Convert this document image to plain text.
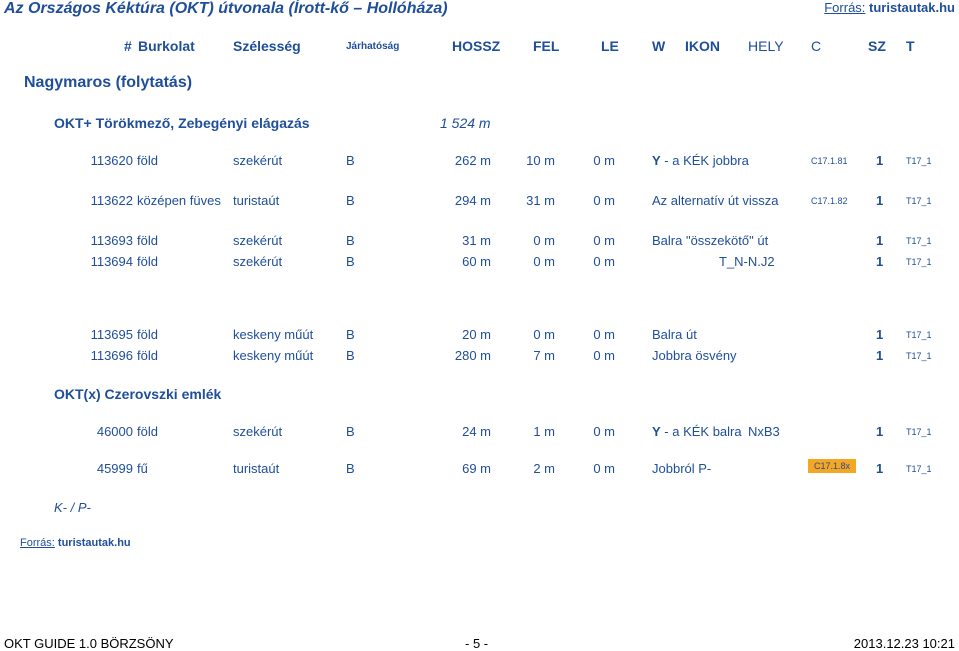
Az Országos Kéktúra (OKT) útvonala (Írott-kő – Hollóháza)	Forrás: turistautak.hu
# Burkolat	Szélesség	Járhatóság	HOSSZ FEL	LE W IKON HELY C	SZ T
Nagymaros (folytatás)
OKT+ Törökmező, Zebegényi elágazás	1 524 m
113620 föld	szekérút	B	262 m	10 m	0 m	Y - a KÉK jobbra	C17.1.81 1	T17_1
113622 középen füves turistaút	B	294 m	31 m	0 m	Az alternatív út vissza	C17.1.82 1	T17_1
113693 föld	szekérút	B	31 m	0 m	0 m	Balra "összekötő" út	1	T17_1
113694 föld	szekérút	B	60 m	0 m	0 m	T_N-N.J2	1	T17_1
113695 föld	keskeny műút	B	20 m	0 m	0 m	Balra út	1	T17_1
113696 föld	keskeny műút	B	280 m	7 m	0 m	Jobbra ösvény	1	T17_1
OKT(x) Czerovszki emlék
46000 föld	szekérút	B	24 m	1 m	0 m	Y - a KÉK balra NxB3	1	T17_1
45999 fű	turistaút	B	69 m	2 m	0 m	Jobbról P-	C17.1.8x	1	T17_1
K- / P-
Forrás: turistautak.hu
OKT GUIDE 1.0 BÖRZSÖNY	- 5 -	2013.12.23 10:21
